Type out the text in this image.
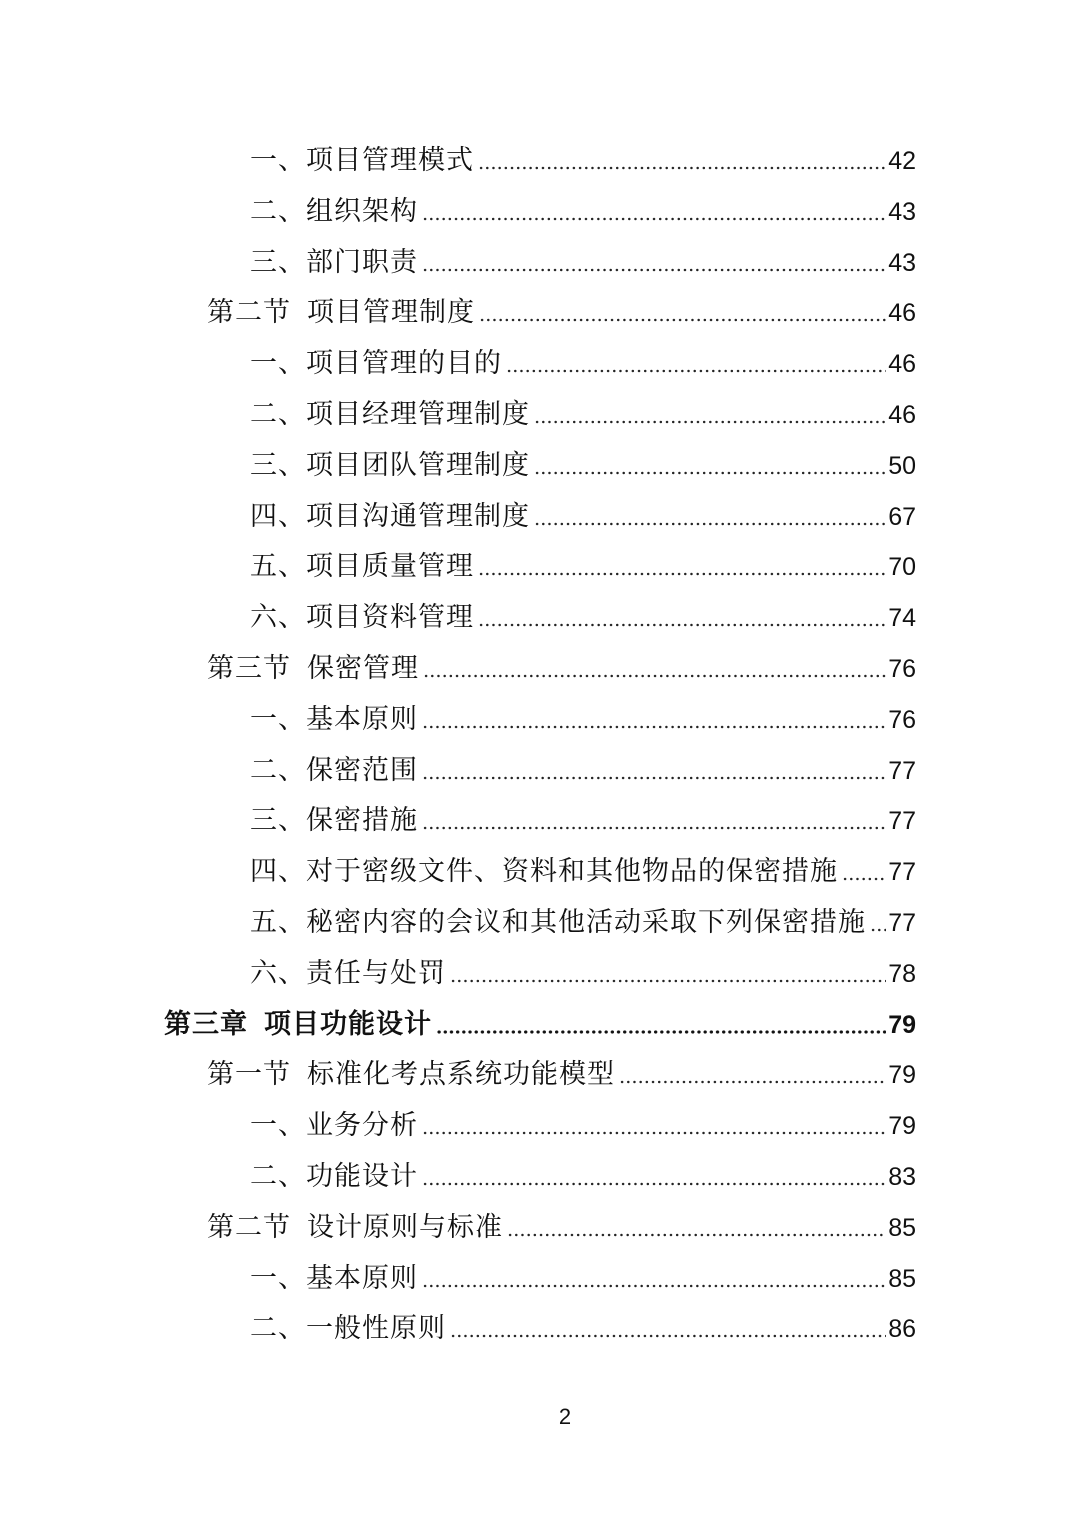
一、项目管理模式	42
二、组织架构	43
三、部门职责	43
第二节 项目管理制度	46
一、项目管理的目的	46
二、项目经理管理制度	46
三、项目团队管理制度	50
四、项目沟通管理制度	67
五、项目质量管理	70
六、项目资料管理	74
第三节 保密管理	76
一、基本原则	76
二、保密范围	77
三、保密措施	77
四、对于密级文件、资料和其他物品的保密措施 77
五、秘密内容的会议和其他活动采取下列保密措施 77
六、责任与处罚	78
第三章 项目功能设计	79
第一节 标准化考点系统功能模型	79
一、业务分析	79
二、功能设计	83
第二节 设计原则与标准	85
一、基本原则	85
二、一般性原则	86
2
